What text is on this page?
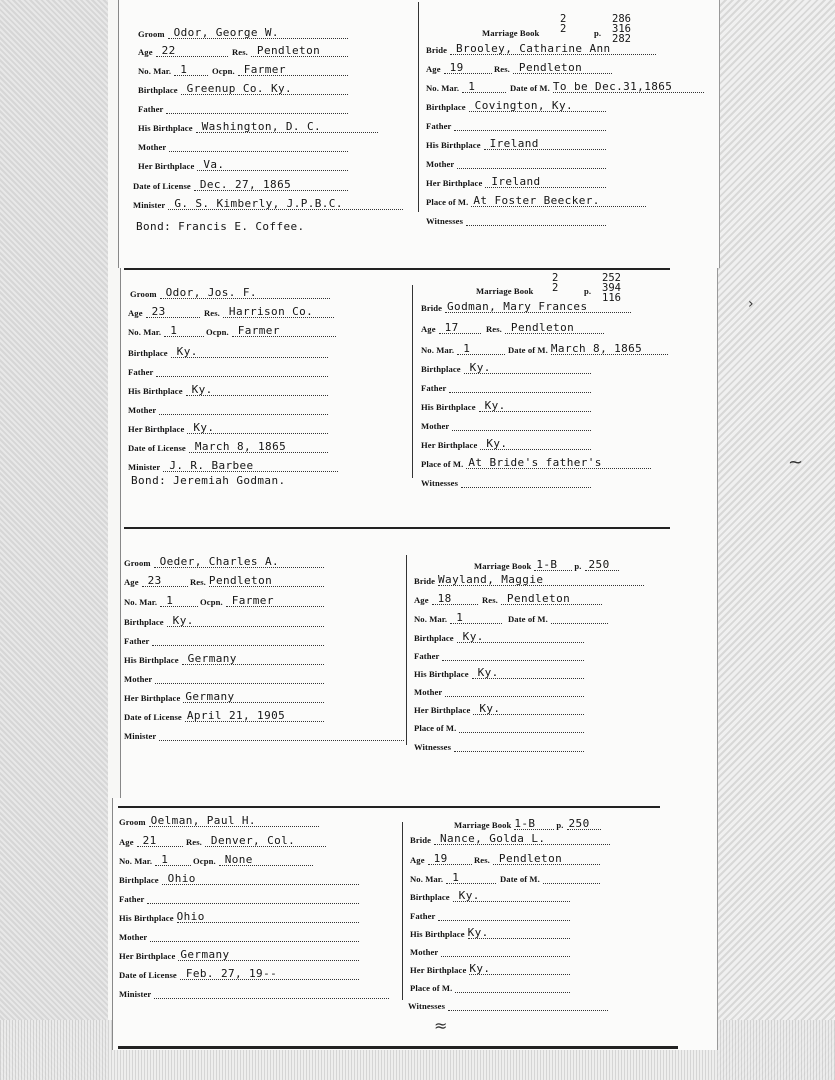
Groom Odor, George W.
Age 22	Res. Pendleton
No. Mar. 1	Ocpn. Farmer
Birthplace Greenup Co. Ky.
Father
His Birthplace Washington, D. C.
Mother
Her Birthplace Va.
Date of License Dec. 27, 1865
Minister G. S. Kimberly, J.P.B.C.
Bond: Francis E. Coffee.
Marriage Book
2
2	p.
286
316
282
Bride Brooley, Catharine Ann
Age 19	Res. Pendleton
No. Mar. 1	Date of M. To be Dec.31,1865
Birthplace Covington, Ky.
Father
His Birthplace Ireland
Mother
Her Birthplace Ireland
Place of M. At Foster Beecker.
Witnesses
Groom Odor, Jos. F.
Age 23	Res. Harrison Co.
No. Mar. 1	Ocpn. Farmer
Birthplace Ky.
Father
His Birthplace Ky.
Mother
Her Birthplace Ky.
Date of License March 8, 1865
Minister J. R. Barbee
Bond: Jeremiah Godman.
Marriage Book
2
2	p.
252
394
116
Bride Godman, Mary Frances
Age 17	Res. Pendleton
No. Mar. 1	Date of M. March 8, 1865
Birthplace Ky.
Father
His Birthplace Ky.
Mother
Her Birthplace Ky.
Place of M. At Bride's father's
Witnesses
Groom Oeder, Charles A.
Age 23	Res. Pendleton
No. Mar. 1	Ocpn. Farmer
Birthplace Ky.
Father
His Birthplace Germany
Mother
Her Birthplace Germany
Date of License April 21, 1905
Minister
Marriage Book 1-B p. 250
Bride Wayland, Maggie
Age 18	Res. Pendleton
No. Mar. 1	Date of M.
Birthplace Ky.
Father
His Birthplace Ky.
Mother
Her Birthplace Ky.
Place of M.
Witnesses
Groom Oelman, Paul H.
Age 21	Res. Denver, Col.
No. Mar. 1	Ocpn. None
Birthplace Ohio
Father
His Birthplace Ohio
Mother
Her Birthplace Germany
Date of License Feb. 27, 19--
Minister
Marriage Book 1-B p. 250
Bride Nance, Golda L.
Age 19	Res. Pendleton
No. Mar. 1	Date of M.
Birthplace Ky.
Father
His Birthplace Ky.
Mother
Her Birthplace Ky.
Place of M.
Witnesses
›
~
≈
